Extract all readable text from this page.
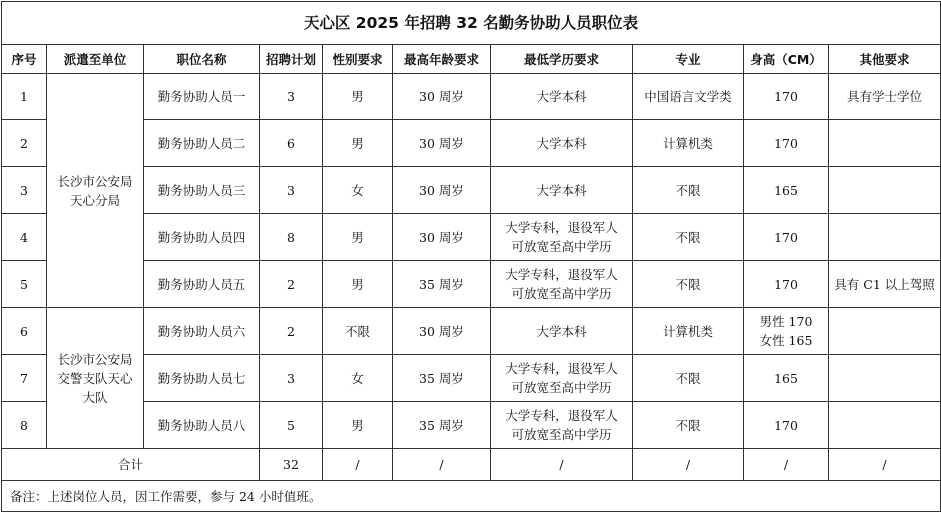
天心区 2025 年招聘 32 名勤务协助人员职位表									
序号	派遣至单位	职位名称	招聘计划	性别要求	最高年龄要求	最低学历要求	专业	身高（CM）	其他要求
1	长沙市公安局
天心分局	勤务协助人员一	3	男	30 周岁	大学本科	中国语言文学类	170	具有学士学位
2		勤务协助人员二	6	男	30 周岁	大学本科	计算机类	170	

3		勤务协助人员三	3	女	30 周岁	大学本科	不限	165	

4		勤务协助人员四	8	男	30 周岁	大学专科，退役军人
可放宽至高中学历	不限	170	

5		勤务协助人员五	2	男	35 周岁	大学专科，退役军人
可放宽至高中学历	不限	170	具有 C1 以上驾照
6	长沙市公安局
交警支队天心
大队	勤务协助人员六	2	不限	30 周岁	大学本科	计算机类	男性 170
女性 165	

7		勤务协助人员七	3	女	35 周岁	大学专科，退役军人
可放宽至高中学历	不限	165	

8		勤务协助人员八	5	男	35 周岁	大学专科，退役军人
可放宽至高中学历	不限	170	

合计			32	/	/	/	/	/	/
备注：上述岗位人员，因工作需要，参与 24 小时值班。									
